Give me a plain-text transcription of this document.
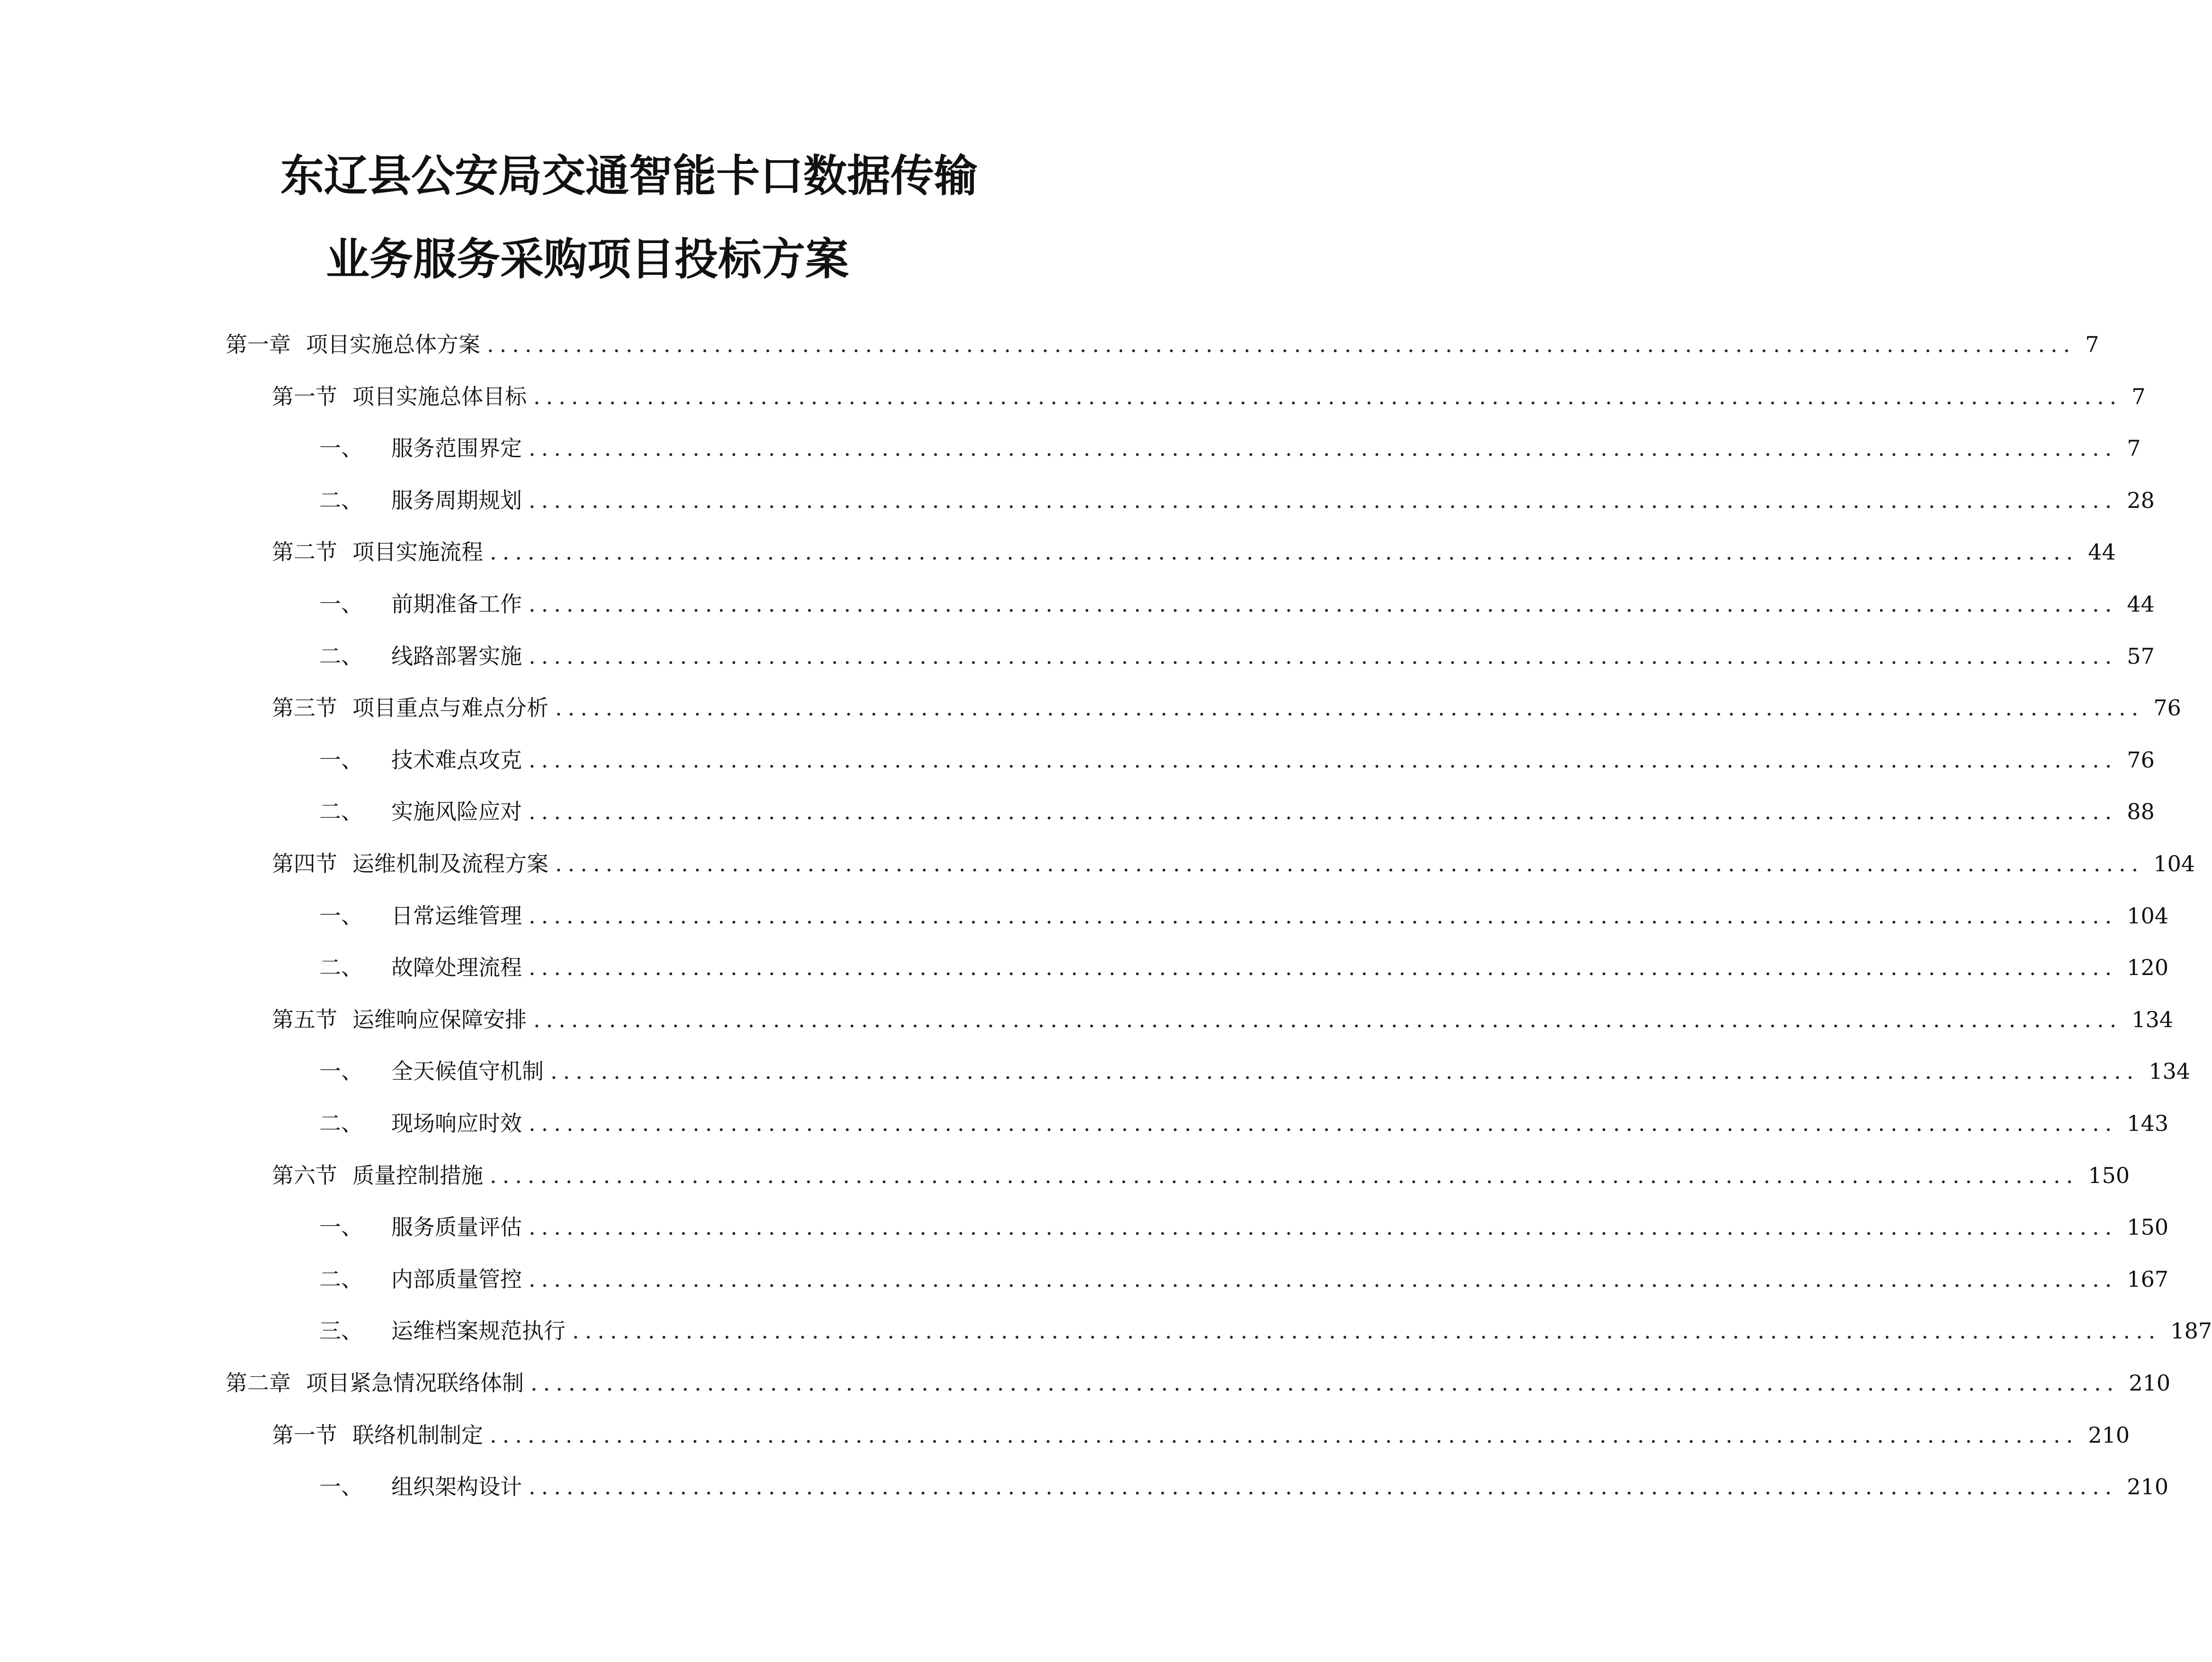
东辽县公安局交通智能卡口数据传输
业务服务采购项目投标方案
第一章 项目实施总体方案 .............................................................................................................................. 7
第一节 项目实施总体目标 .............................................................................................................................. 7
一、 服务范围界定 .............................................................................................................................. 7
二、 服务周期规划 .............................................................................................................................. 28
第二节 项目实施流程 .............................................................................................................................. 44
一、 前期准备工作 .............................................................................................................................. 44
二、 线路部署实施 .............................................................................................................................. 57
第三节 项目重点与难点分析 .............................................................................................................................. 76
一、 技术难点攻克 .............................................................................................................................. 76
二、 实施风险应对 .............................................................................................................................. 88
第四节 运维机制及流程方案 .............................................................................................................................. 104
一、 日常运维管理 .............................................................................................................................. 104
二、 故障处理流程 .............................................................................................................................. 120
第五节 运维响应保障安排 .............................................................................................................................. 134
一、 全天候值守机制 .............................................................................................................................. 134
二、 现场响应时效 .............................................................................................................................. 143
第六节 质量控制措施 .............................................................................................................................. 150
一、 服务质量评估 .............................................................................................................................. 150
二、 内部质量管控 .............................................................................................................................. 167
三、 运维档案规范执行 .............................................................................................................................. 187
第二章 项目紧急情况联络体制 .............................................................................................................................. 210
第一节 联络机制制定 .............................................................................................................................. 210
一、 组织架构设计 .............................................................................................................................. 210
